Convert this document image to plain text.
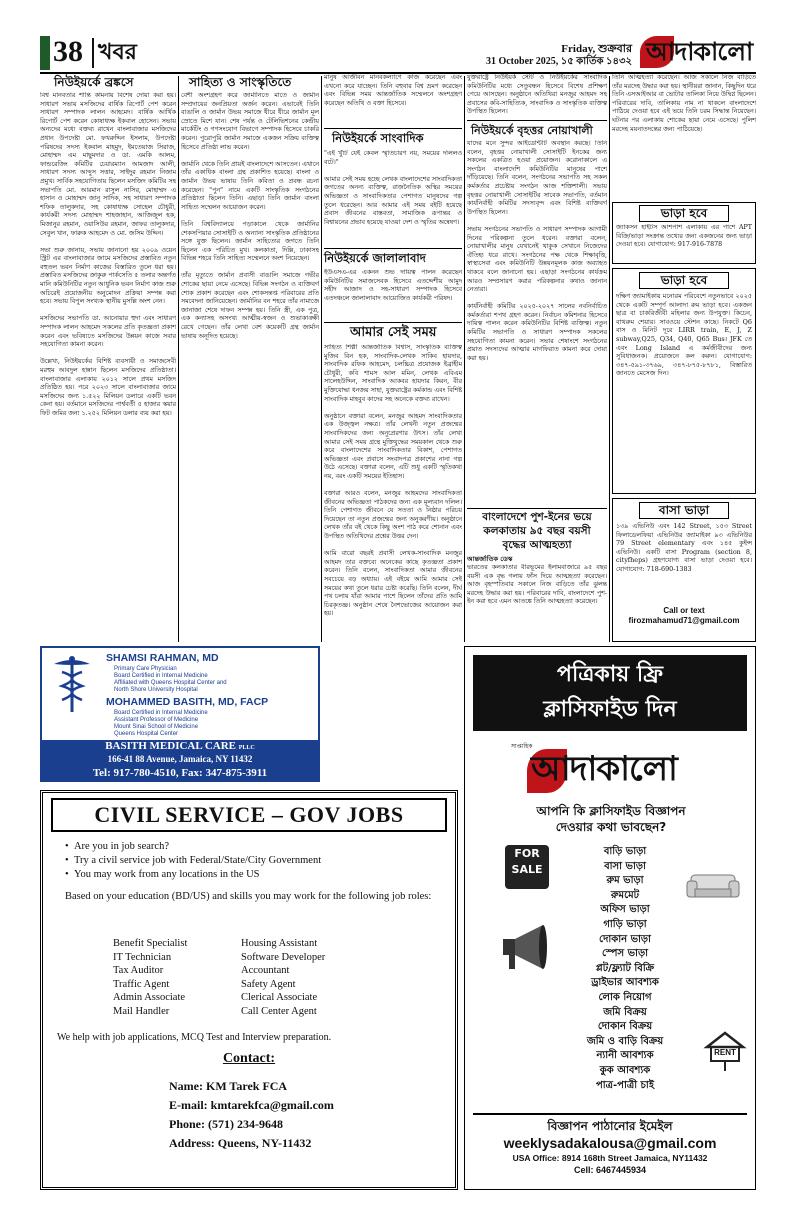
38 খবর	Friday, শুক্রবার
31 October 2025, ১৫ কার্তিক ১৪৩২ আদাকালো
নিউইয়র্কে ব্রঙ্কসে
বিশ্ব মানবতার শান্তি কামনায় বিশেষ দোয়া করা হয়। সাধারণ সভায় মসজিদের বার্ষিক রিপোর্ট পেশ করেন সাধারণ সম্পাদক লালন আহমেদ। বার্ষিক আর্থিক রিপোর্ট পেশ করেন কোষাধ্যক্ষ ইকবাল হোসেন। সভায় অন্যদের মধ্যে বক্তব্য রাখেন বাংলাবাজার মসজিদের প্রধান উপদেষ্টা মো. ফখরুদ্দিন ইসলাম, উপদেষ্টা পরিষদের সদস্য ইকবাল মাহমুদ, ইমতেয়াজ সিরাজ, মোহাম্মদ এম মাছুমদার ও ডা. এমকি আলম, ফান্ডরেজিং কমিটির চেয়ারম্যান আমজাদ আলী, সাধারণ সদস্য আব্দুস সত্তার, সাইদুর রহমান নিজাম প্রমুখ। সার্বিক সহযোগিতায় ছিলেন মসজিদ কমিটির সহ সভাপতি মো. আরমান রাসুল নাসির, মোহাম্মদ এ হাসান ও মোহাম্মদ জানু সাদিক, সহ সাধারণ সম্পাদক শফিক তালুকদার, সহ কোষাধ্যক্ষ সোহেল চৌধুরী, কার্যকরী সদস্য মোহাম্মদ শাহজাহান, আজিজুল হক, মিজানুর রহমান, ওয়াসিউর রহমান, জাফর তালুকদার, সেবুল খান, ফারুক আহমেদ ও মো. জসিম উদ্দিন।

সভা শুরু জানায়, সভায় জানানো হয় ২০০৯ ওয়েন স্ট্রিট এর বাংলাবাজার জামে মসজিদের প্রস্তাবিত নতুন বহুতল ভবন নির্মাণ কাজের বিস্তারিত তুলে ধরা হয়। প্রস্তাবিত মসজিদের ক্রাকুরু পার্কসেতি ৫ তলার অন্তর্গত মানি কমিউনিটির নতুন আধুনিক ভবন নির্মাণ কাজ শুরু অচিরেই প্রয়োজনীয় অনুমোদন প্রক্রিয়া সম্পন্ন করা হবে। সভায় বিপুল সংখ্যক স্থানীয় মুসল্লি অংশ নেন।

মসজিদের সভাপতি ডা. আনোয়ার হুদা এবং সাধারণ সম্পাদক লালন আহমেদ সকলের প্রতি কৃতজ্ঞতা প্রকাশ করেন এবং ভবিষ্যতে মসজিদের উন্নয়ন কাজে সবার সহযোগিতা কামনা করেন।

উল্লেখ্য, নিউইয়র্কের বিশিষ্ট ব্যবসায়ী ও সমাজসেবী মরহুম আবদুল হান্নান ছিলেন মসজিদের প্রতিষ্ঠাতা। বাংলাবাজার এলাকায় ২০১২ সালে প্রথম মসজিদ প্রতিষ্ঠিত হয়। পরে ২০২৩ সালে বাংলাবাজার জামে মসজিদের জন্য ১.৫২২ মিলিয়ন ডলারে একটি ভবন কেনা হয়। বর্তমানে মসজিদের পার্শ্ববর্তী ৫ হাজার স্কয়ার ফিট জমির জন্য ১.২৫২ মিলিয়ন ডলার ব্যয় করা হয়।
সাহিত্য ও সাংস্কৃতিতে
বেশী অংশগ্রহণ করে জার্মানিতে মাতে ও জার্মান সম্প্রদায়ের জনপ্রিয়তা অর্জন করেন। এভাবেই তিনি বাঙালি ও জার্মান উভয় সমাজে ধীরে ধীরে জার্মান মূল স্রোতে মিশে যান। শেষ পর্যন্ত ও টেলিভিশনের কেন্দ্রীয় মার্কেটিং ও গণসংযোগ বিভাগে সম্পাদক হিসেবে চাকরি করেন। পুরোপুরি জার্মান সমাজে একজন সক্রিয় ব্যক্তিত্ব হিসেবে প্রতিষ্ঠা লাভ করেন।

জার্মানি থেকে তিনি প্রায়ই বাংলাদেশে আসতেন। এখানে তাঁর একাধিক বাংলা গ্রন্থ প্রকাশিত হয়েছে। বাংলা ও জার্মান উভয় ভাষায় তিনি কবিতা ও প্রবন্ধ রচনা করেছেন। "পুন" নামে একটি সাংস্কৃতিক সংগঠনের প্রতিষ্ঠাতা ছিলেন তিনি। এছাড়া তিনি জার্মান বাংলা সাহিত্য সম্মেলন আয়োজন করেন।

তিনি বিশ্ববিদ্যালয়ে পড়াকালে থেকে জার্মানির শেকসপিয়ার সোসাইটি ও অন্যান্য সাংস্কৃতিক প্রতিষ্ঠানের সঙ্গে যুক্ত ছিলেন। জার্মান সাহিত্যের জগতে তিনি ছিলেন এক পরিচিত মুখ। কলকাতা, দিল্লি, ঢাকাসহ বিভিন্ন শহরে তিনি সাহিত্য সম্মেলনে অংশ নিয়েছেন।

তাঁর মৃত্যুতে জার্মান প্রবাসী বাঙালি সমাজে গভীর শোকের ছায়া নেমে এসেছে। বিভিন্ন সংগঠন ও ব্যক্তিবর্গ শোক প্রকাশ করেছেন এবং শোকসন্তপ্ত পরিবারের প্রতি সমবেদনা জানিয়েছেন। জার্মানির বন শহরে তাঁর নামাজে জানাজা শেষে দাফন সম্পন্ন হয়। তিনি স্ত্রী, এক পুত্র, এক কন্যাসহ অসংখ্য আত্মীয়-স্বজন ও শুভাকাঙ্ক্ষী রেখে গেছেন। তাঁর লেখা বেশ কয়েকটি গ্রন্থ জার্মান ভাষায় অনূদিত হয়েছে।
মানুষ আজীবন মানবকল্যাণে কাজ করেছেন এবং এখনো করে যাচ্ছেন। তিনি বহুবার বিশ্ব ভ্রমণ করেছেন এবং বিভিন্ন সময় আন্তর্জাতিক সম্মেলনে অংশগ্রহণ করেছেন অতিথি ও বক্তা হিসেবে।
নিউইয়র্কে সাংবাদিক
"এই খুঁটি যেই কেবল স্মৃতিচারণ নয়, সময়ের দলিলও বটে।"

আমার সেই সময় হচ্ছে লেখক বাংলাদেশের সাংবাদিকতা জগতের অনন্য ব্যক্তিত্ব, রাজনৈতিক অস্থির সময়ের অভিজ্ঞতা ও সাংবাদিকতার পেশাগত মানুষদের গল্প তুলে ধরেছেন। আর আমার এই সময় বইটি হয়েছে প্রবাস জীবনের বাস্তবতা, সামাজিক রূপান্তর ও বিশ্বায়নের প্রভাব হয়েছে যাওয়া দেশ ও স্মৃতির অন্বেষণ।
নিউইয়র্কে জালালাবাদ
ইউএসএ-এর একনন শুভ দায়িত্ব পালন করেছেন কমিউনিটির সমাজসেবক হিসেবে এতদ্দেশীয় আমুদ সহীদ আজাদ ও সহ-সাধারণ সম্পাদক হিসেবে এতদঞ্চলে জালালাবাদ আয়োজিত কার্যকরী পরিষদ।
আমার সেই সময়
সাহিত্য শিল্পী আন্তর্জাতিক বিশ্বাস, সাংস্কৃতিক ব্যক্তিত্ব মুজিব বিন হক, সাংবাদিক-লেখক সাকিব হায়দার, সাংবাদিক রফিক আহমেদ, চলচ্চিত্র প্রযোজক ইব্রাহীম চৌধুরী, কবি শামস আল মমিন, লেখক এবিএম সালেহউদ্দিন, সাংবাদিক আকবর হায়দার কিরন, বীর মুক্তিযোদ্ধা ধনজয় সাহা, যুক্তরাষ্ট্রের কৰ্মকান্ড এবং বিশিষ্ট সাংবাদিক মাহবুব কাদের সহ অনেকে বক্তব্য রাখেন।

অনুষ্ঠানে বক্তারা বলেন, মনজুর আহমদ সাংবাদিকতার এক উজ্জ্বল নক্ষত্র। তাঁর লেখনী নতুন প্রজন্মের সাংবাদিকদের জন্য অনুপ্রেরণার উৎস। তাঁর লেখা আমার সেই সময় গ্রন্থে মুক্তিযুদ্ধের সময়কাল থেকে শুরু করে বাংলাদেশের সাংবাদিকতার বিকাশ, পেশাগত অভিজ্ঞতা এবং প্রবাসে সংবাদপত্র প্রকাশের নানা গল্প উঠে এসেছে। বক্তারা বলেন, এটি শুধু একটি স্মৃতিকথা নয়, বরং একটি সময়ের ইতিহাস।

বক্তারা আরও বলেন, মনজুর আহমদের সাংবাদিকতা জীবনের অভিজ্ঞতা পাঠকদের জন্য এক মূল্যবান দলিল। তিনি পেশাগত জীবনে যে সততা ও নিষ্ঠার পরিচয় দিয়েছেন তা নতুন প্রজন্মের জন্য অনুকরণীয়। অনুষ্ঠানে লেখক তাঁর বই থেকে কিছু অংশ পাঠ করে শোনান এবং উপস্থিত অতিথিদের প্রশ্নের উত্তর দেন।

আমি বারো বছরই প্রবাসী লেখক-সাংবাদিক মনজুর আহমদ তার বক্তব্যে অনেকের কাছে কৃতজ্ঞতা প্রকাশ করেন। তিনি বলেন, সাংবাদিকতা আমার জীবনের সবচেয়ে বড় অধ্যায়। এই বইয়ে আমি আমার সেই সময়ের কথা তুলে ধরার চেষ্টা করেছি। তিনি বলেন, দীর্ঘ পথ চলায় যাঁরা আমার পাশে ছিলেন তাঁদের প্রতি আমি চিরকৃতজ্ঞ। অনুষ্ঠান শেষে নৈশভোজের আয়োজন করা হয়।
যুক্তরাষ্ট্রে নিউইয়র্ক স্টেট ও নিউইয়র্কের সাংবাদিক কমিউনিটির মধ্যে সেতুবন্ধন হিসেবে বিশেষ প্রশিক্ষণ পেয়ে আসছেন। অনুষ্ঠানে অতিথিরা মনজুর আহমদ সহ প্রবাসের কবি-সাহিত্যিক, সাংবাদিক ও সাংস্কৃতিক ব্যক্তিত্ব উপস্থিত ছিলেন।
নিউইয়র্কে বৃহত্তর নোয়াখালী
যাদের মনে সুন্দর আইডেন্টিটি অবস্থান করছে। তিনি বলেন, বৃহত্তর নোয়াখালী সোসাইটি ইনকের জন্য সকলের একত্রিত হওয়া প্রয়োজন। করোনাকালে এ সংগঠন বাংলাদেশি কমিউনিটির মানুষের পাশে দাঁড়িয়েছে। তিনি বলেন, সংগঠনের সভাপতি সহ সকল কর্মকর্তার প্রচেষ্টায় সংগঠন আজ শক্তিশালী। সভায় বৃহত্তর নোয়াখালী সোসাইটির সাবেক সভাপতি, বর্তমান কার্যনির্বাহী কমিটির সদস্যবৃন্দ এবং বিশিষ্ট ব্যক্তিবর্গ উপস্থিত ছিলেন।

সভায় সংগঠনের সভাপতি ও সাধারণ সম্পাদক আগামী দিনের পরিকল্পনা তুলে ধরেন। বক্তারা বলেন, নোয়াখালীর মানুষ যেখানেই থাকুক সেখানে নিজেদের ঐতিহ্য ধরে রাখে। সংগঠনের পক্ষ থেকে শিক্ষাবৃত্তি, স্বাস্থ্যসেবা এবং কমিউনিটি উন্নয়নমূলক কাজ অব্যাহত থাকবে বলে জানানো হয়। এছাড়া সংগঠনের কার্যক্রম আরও সম্প্রসারণ করার পরিকল্পনার কথাও জানান নেতারা।

কার্যনির্বাহী কমিটির ২০২৫-২০২৭ সালের নবনির্বাচিত কর্মকর্তারা শপথ গ্রহণ করেন। নির্বাচন কমিশনার হিসেবে দায়িত্ব পালন করেন কমিউনিটির বিশিষ্ট ব্যক্তিত্ব। নতুন কমিটির সভাপতি ও সাধারণ সম্পাদক সকলের সহযোগিতা কামনা করেন। সভার শেষাংশে সংগঠনের প্রয়াত সদস্যদের আত্মার মাগফিরাত কামনা করে দোয়া করা হয়।
বাংলাদেশে পুশ-ইনের ভয়ে
কলকাতায় ৯৫ বছর বয়সী
বৃদ্ধের আত্মহত্যা
আন্তর্জাতিক ডেস্ক
ভারতের কলকাতার বীরভূমের ইলামবাজারে ৯৫ বছর বয়সী এক বৃদ্ধ গলায় ফাঁস দিয়ে আত্মহত্যা করেছেন। আজ বৃহস্পতিবার সকালে নিজ বাড়িতে তাঁর ঝুলন্ত মরদেহ উদ্ধার করা হয়। পরিবারের দাবি, বাংলাদেশে পুশ-ইন করা হবে এমন আতঙ্কে তিনি আত্মহত্যা করেছেন।
তিনি আত্মহত্যা করেছেন। আজ সকালে নিজ বাড়িতে তাঁর মরদেহ উদ্ধার করা হয়। স্থানীয়রা জানান, কিছুদিন ধরে তিনি এসআইআর বা ভোটার তালিকা নিয়ে উদ্বিগ্ন ছিলেন। পরিবারের দাবি, তালিকায় নাম না থাকলে বাংলাদেশে পাঠিয়ে দেওয়া হবে এই ভয়ে তিনি চরম সিদ্ধান্ত নিয়েছেন। ঘটনার পর এলাকায় শোকের ছায়া নেমে এসেছে। পুলিশ মরদেহ ময়নাতদন্তের জন্য পাঠিয়েছে।
ভাড়া হবে
জ্যাকসন হাইটস আশপাশ এলাকায় এর পাশে APT বিক্রি/ভাড়া সংক্রান্ত তথ্যের জন্য একজনের জন্য ভাড়া দেওয়া হবে। যোগাযোগ: 917-916-7878
ভাড়া হবে
দক্ষিণ জ্যামাইকায় মনোরম পরিবেশে নতুনভাবে ২০২৫ থেকে একটি সম্পূর্ণ আলাদা রুম ভাড়া হবে। একজন ছাত্র বা চাকরিজীবী মহিলার জন্য উপযুক্ত। কিচেন, বাথরুম শেয়ার। সাবওয়ে স্টেশন কাছে। নিকটে Q6 বাস ও মিনিট দূরে LIRR train, E, J, Z subway,Q25, Q34, Q40, Q65 Bus। JFK তে এবং Long Island এ কর্মজীবীদের জন্য সুবিধাজনক। প্রয়োজনে কল করুন। যোগাযোগ: ৩৪৭-৫৯১-৩৭৬৯, ৩৪৭-৮৭৫-৮৭৮১, বিস্তারিত জানতে মেসেজ দিন।
বাসা ভাড়া
১৩৯ এভিনিউ এবং 142 Street, ১৫৩ Street ফিলাডেলফিয়া এভিনিউর জ্যামাইকা ৯৩ এভিনিউর 79 Street elementary এবং ১৪৫ কুইন্স এভিনিউ। একটি বাসা Program (section 8, cityfheps) গ্রহণযোগ্য বাসা ভাড়া দেওয়া হবে। যোগাযোগ: 718-690-1383
Call or text
firozmahamud71@gmail.com
SHAMSI RAHMAN, MD
Primary Care Physician
Board Certified in Internal Medicine
Affiliated with Queens Hospital Center and
North Shore University Hospital
MOHAMMED BASITH, MD, FACP
Board Certified in Internal Medicine
Assistant Professor of Medicine
Mount Sinai School of Medicine
Queens Hospital Center
BASITH MEDICAL CARE PLLC
166-41 88 Avenue, Jamaica, NY 11432
Tel: 917-780-4510, Fax: 347-875-3911
CIVIL SERVICE – GOV JOBS
•  Are you in job search?
•  Try a civil service job with Federal/State/City Government
•  You may work from any locations in the US
Based on your education (BD/US) and skills you may work for the following job roles:
Benefit Specialist
IT Technician
Tax Auditor
Traffic Agent
Admin Associate
Mail Handler
Housing Assistant
Software Developer
Accountant
Safety Agent
Clerical Associate
Call Center Agent
We help with job applications, MCQ Test and Interview preparation.
Contact:
Name: KM Tarek FCA
E-mail: kmtarekfca@gmail.com
Phone: (571) 234-9648
Address: Queens, NY-11432
পত্রিকায় ফ্রি
ক্লাসিফাইড দিন
সাপ্তাহিক
আদাকালো
আপনি কি ক্লাসিফাইড বিজ্ঞাপন
দেওয়ার কথা ভাবছেন?
FOR
SALE
RENT
বাড়ি ভাড়া
বাসা ভাড়া
রুম ভাড়া
রুমমেট
অফিস ভাড়া
গাড়ি ভাড়া
দোকান ভাড়া
স্পেস ভাড়া
প্লট/ফ্ল্যাট বিক্রি
ড্রাইভার আবশ্যক
লোক নিয়োগ
জমি বিক্রয়
দোকান বিক্রয়
জমি ও বাড়ি বিক্রয়
ন্যানী আবশ্যক
কুক আবশ্যক
পাত্র-পাত্রী চাই
বিজ্ঞাপন পাঠানোর ইমেইল
weeklysadakalousa@gmail.com
USA Office: 8914 168th Street Jamaica, NY11432
Cell: 6467445934
